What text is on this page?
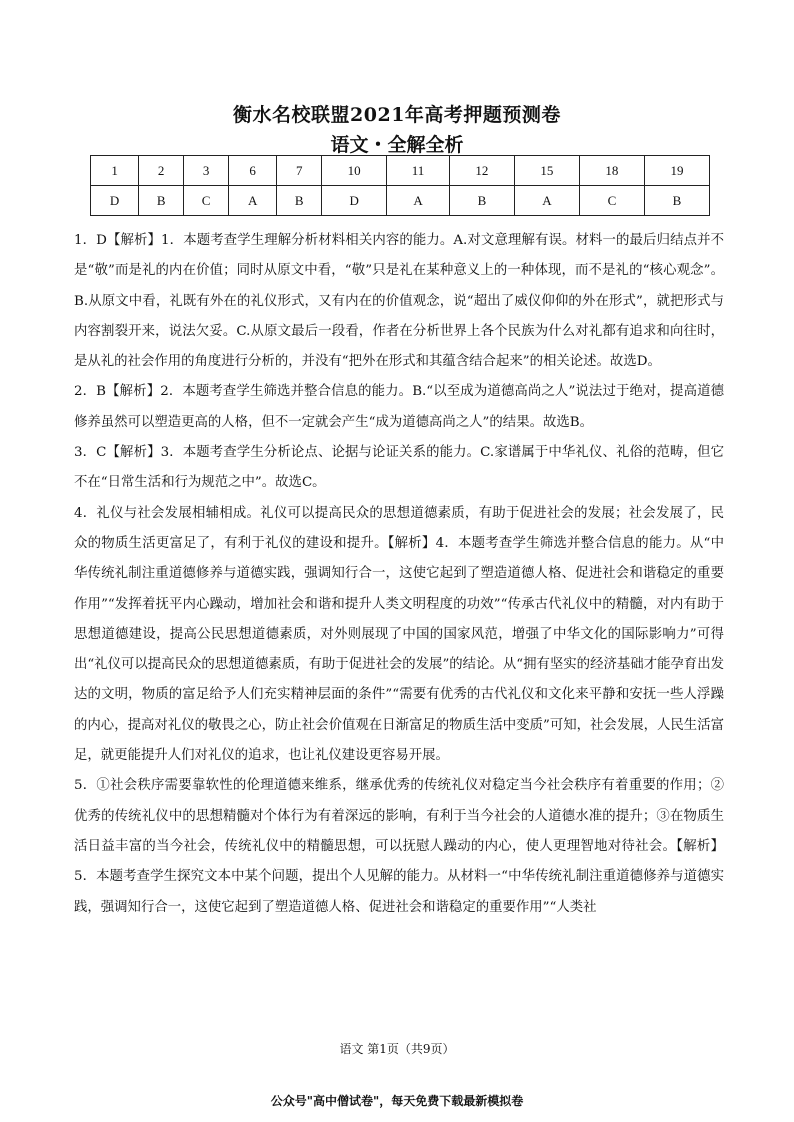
衡水名校联盟2021年高考押题预测卷
语文・全解全析
1	2	3	6	7	10	11	12	15	18	19
D	B	C	A	B	D	A	B	A	C	B

1．D【解析】1．本题考查学生理解分析材料相关内容的能力。A.对文意理解有误。材料一的最后归结点并不是“敬”而是礼的内在价值；同时从原文中看，“敬”只是礼在某种意义上的一种体现，而不是礼的“核心观念”。B.从原文中看，礼既有外在的礼仪形式，又有内在的价值观念，说“超出了威仪仰仰的外在形式”，就把形式与内容割裂开来，说法欠妥。C.从原文最后一段看，作者在分析世界上各个民族为什么对礼都有追求和向往时，是从礼的社会作用的角度进行分析的，并没有“把外在形式和其蕴含结合起来”的相关论述。故选D。

2．B【解析】2．本题考查学生筛选并整合信息的能力。B.“以至成为道德高尚之人”说法过于绝对，提高道德修养虽然可以塑造更高的人格，但不一定就会产生“成为道德高尚之人”的结果。故选B。

3．C【解析】3．本题考查学生分析论点、论据与论证关系的能力。C.家谱属于中华礼仪、礼俗的范畴，但它不在“日常生活和行为规范之中”。故选C。

4．礼仪与社会发展相辅相成。礼仪可以提高民众的思想道德素质，有助于促进社会的发展；社会发展了，民众的物质生活更富足了，有利于礼仪的建设和提升。【解析】4．本题考查学生筛选并整合信息的能力。从“中华传统礼制注重道德修养与道德实践，强调知行合一，这使它起到了塑造道德人格、促进社会和谐稳定的重要作用”“发挥着抚平内心躁动，增加社会和谐和提升人类文明程度的功效”“传承古代礼仪中的精髓，对内有助于思想道德建设，提高公民思想道德素质，对外则展现了中国的国家风范，增强了中华文化的国际影响力”可得出“礼仪可以提高民众的思想道德素质，有助于促进社会的发展”的结论。从“拥有坚实的经济基础才能孕育出发达的文明，物质的富足给予人们充实精神层面的条件”“需要有优秀的古代礼仪和文化来平静和安抚一些人浮躁的内心，提高对礼仪的敬畏之心，防止社会价值观在日渐富足的物质生活中变质”可知，社会发展，人民生活富足，就更能提升人们对礼仪的追求，也让礼仪建设更容易开展。

5．①社会秩序需要靠软性的伦理道德来维系，继承优秀的传统礼仪对稳定当今社会秩序有着重要的作用；②优秀的传统礼仪中的思想精髓对个体行为有着深远的影响，有利于当今社会的人道德水准的提升；③在物质生活日益丰富的当今社会，传统礼仪中的精髓思想，可以抚慰人躁动的内心，使人更理智地对待社会。【解析】5．本题考查学生探究文本中某个问题，提出个人见解的能力。从材料一“中华传统礼制注重道德修养与道德实践，强调知行合一，这使它起到了塑造道德人格、促进社会和谐稳定的重要作用”“人类社

语文 第1页（共9页）
公众号"高中僧试卷"，每天免费下载最新模拟卷
